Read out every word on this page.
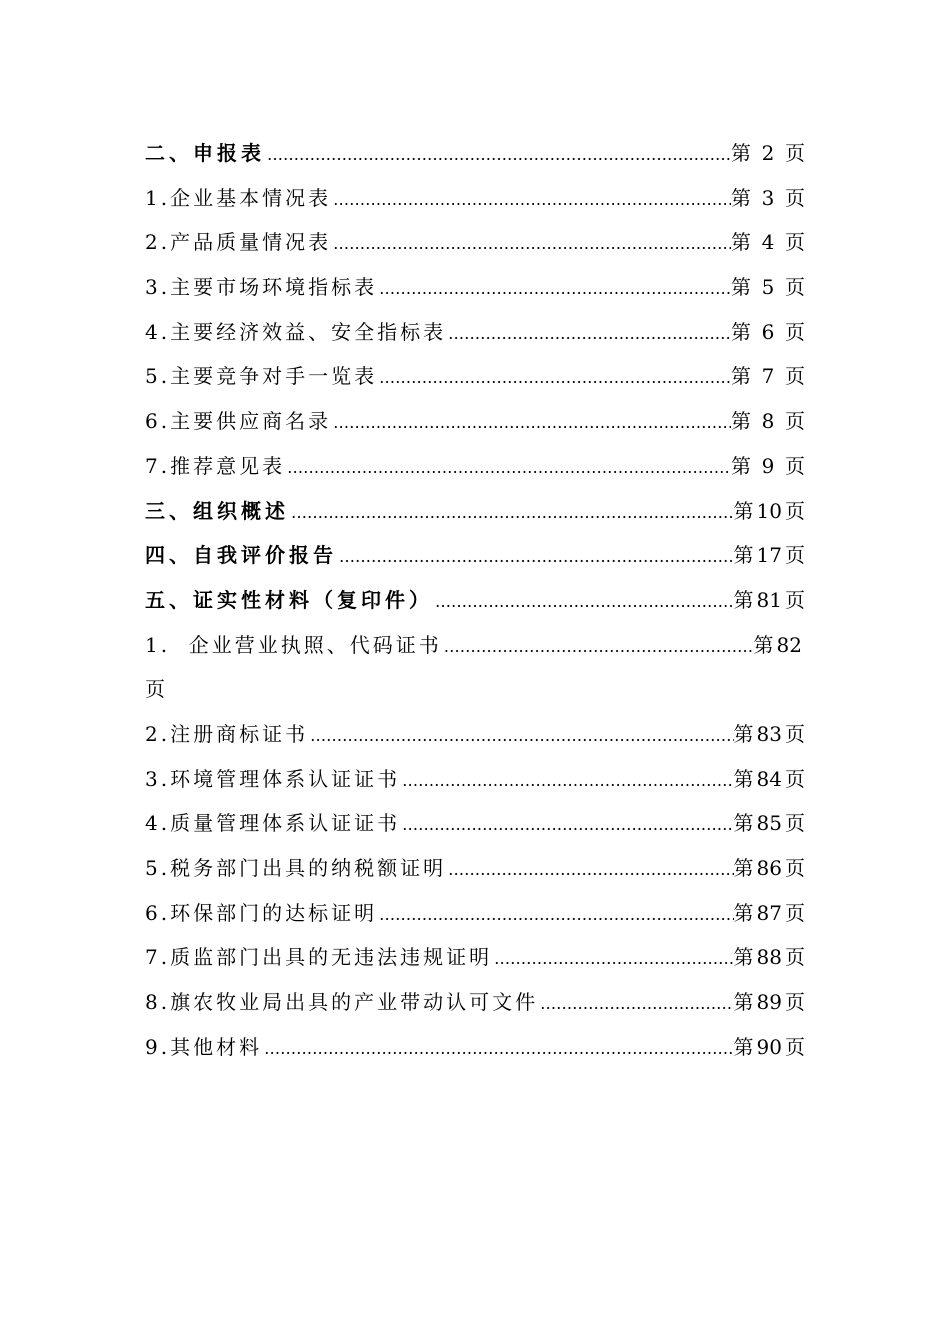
二、申报表 …………………………………………………………………………………………………………………………………………………………………………	第 2 页
1.企业基本情况表 …………………………………………………………………………………………………………………………………………………………………………	第 3 页
2.产品质量情况表 …………………………………………………………………………………………………………………………………………………………………………	第 4 页
3.主要市场环境指标表 …………………………………………………………………………………………………………………………………………………………………………	第 5 页
4.主要经济效益、安全指标表 …………………………………………………………………………………………………………………………………………………………………………	第 6 页
5.主要竞争对手一览表 …………………………………………………………………………………………………………………………………………………………………………	第 7 页
6.主要供应商名录 …………………………………………………………………………………………………………………………………………………………………………	第 8 页
7.推荐意见表 …………………………………………………………………………………………………………………………………………………………………………	第 9 页
三、组织概述 …………………………………………………………………………………………………………………………………………………………………………	第 10 页
四、自我评价报告 …………………………………………………………………………………………………………………………………………………………………………	第 17 页
五、证实性材料（复印件） …………………………………………………………………………………………………………………………………………………………………………	第 81 页
1.  企业营业执照、代码证书 …………………………………………………………………………………………………………………………………………………………………………	第 82
页
2.注册商标证书 …………………………………………………………………………………………………………………………………………………………………………	第 83 页
3.环境管理体系认证证书 …………………………………………………………………………………………………………………………………………………………………………	第 84 页
4.质量管理体系认证证书 …………………………………………………………………………………………………………………………………………………………………………	第 85 页
5.税务部门出具的纳税额证明 …………………………………………………………………………………………………………………………………………………………………………	第 86 页
6.环保部门的达标证明 …………………………………………………………………………………………………………………………………………………………………………	第 87 页
7.质监部门出具的无违法违规证明 …………………………………………………………………………………………………………………………………………………………………………	第 88 页
8.旗农牧业局出具的产业带动认可文件 …………………………………………………………………………………………………………………………………………………………………………	第 89 页
9.其他材料 …………………………………………………………………………………………………………………………………………………………………………	第 90 页
